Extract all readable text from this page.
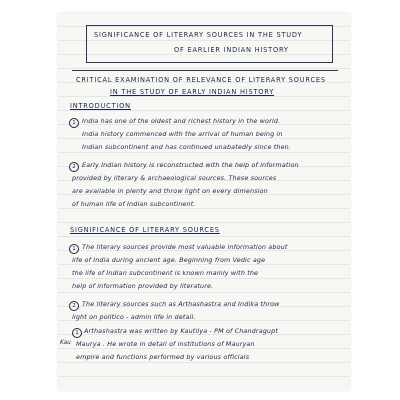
SIGNIFICANCE OF LITERARY SOURCES IN THE STUDY
OF EARLIER INDIAN HISTORY
CRITICAL EXAMINATION OF RELEVANCE OF LITERARY SOURCES
IN THE STUDY OF EARLY INDIAN HISTORY
INTRODUCTION
1 India has one of the oldest and richest history in the world.
India history commenced with the arrival of human being in
Indian subcontinent and has continued unabatedly since then.
2 Early Indian history is reconstructed with the help of information
provided by literary & archaeological sources. These sources
are available in plenty and throw light on every dimension
of human life of Indian subcontinent.
SIGNIFICANCE OF LITERARY SOURCES
1 The literary sources provide most valuable information about
life of India during ancient age. Beginning from Vedic age
the life of Indian subcontinent is known mainly with the
help of information provided by literature.
2 The literary sources such as Arthashastra and Indika throw
light on politico - admin life in detail.
1 Arthashastra was written by Kautilya - PM of Chandragupt
Kau Maurya . He wrote in detail of institutions of Mauryan
empire and functions performed by various officials
